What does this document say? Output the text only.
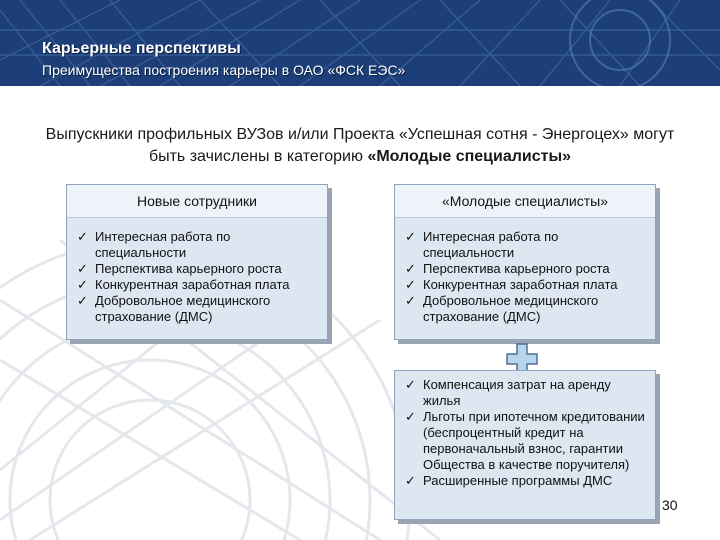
Карьерные перспективы
Преимущества построения карьеры в ОАО «ФСК ЕЭС»
Выпускники профильных ВУЗов и/или Проекта «Успешная сотня - Энергоцех» могут быть зачислены в категорию «Молодые специалисты»
Новые сотрудники
✓ Интересная работа по специальности
✓ Перспектива карьерного роста
✓ Конкурентная заработная плата
✓ Добровольное медицинского страхование (ДМС)
«Молодые специалисты»
✓ Интересная работа по специальности
✓ Перспектива карьерного роста
✓ Конкурентная заработная плата
✓ Добровольное медицинского страхование (ДМС)
✓ Компенсация затрат на аренду жилья
✓ Льготы при ипотечном кредитовании (беспроцентный кредит на первоначальный взнос, гарантии Общества в качестве поручителя)
✓ Расширенные программы ДМС
30
